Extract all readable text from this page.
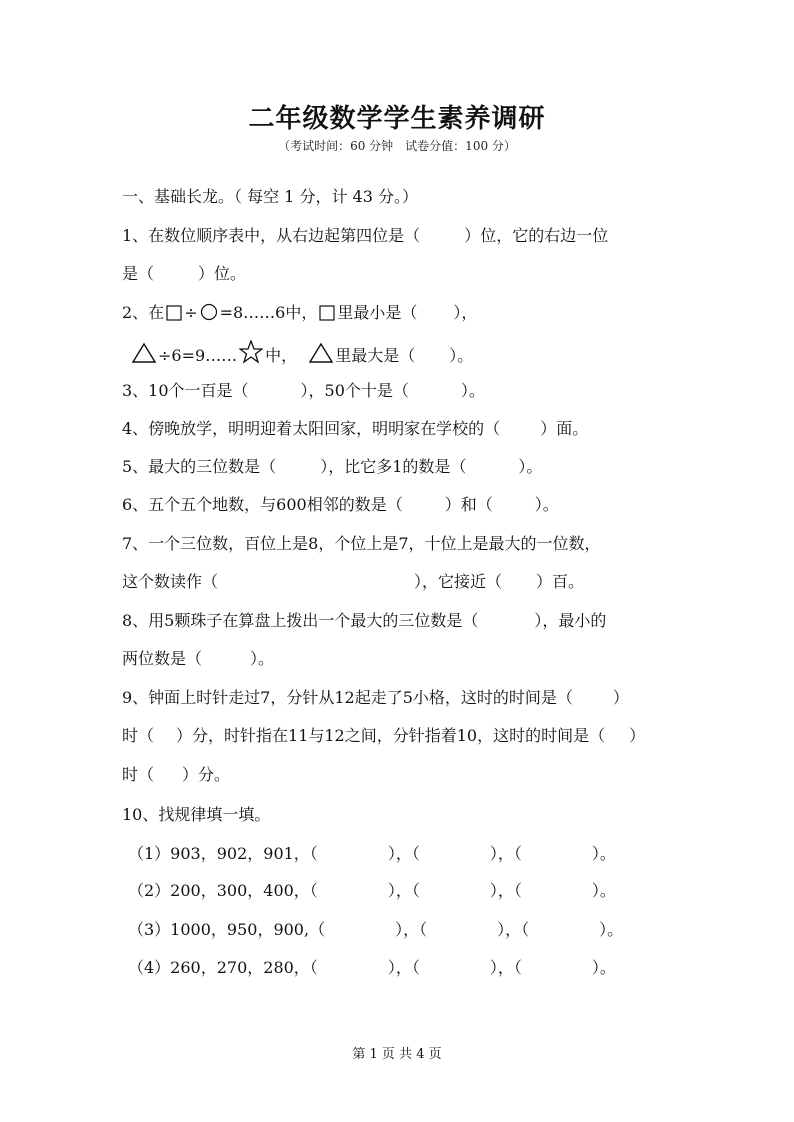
二年级数学学生素养调研
（考试时间：60 分钟　试卷分值：100 分）
一、基础长龙。（ 每空 1 分，计 43 分。）
1、在数位顺序表中，从右边起第四位是（	）位，它的右边一位
是（	）位。
2、在 ÷ =8……6中， 里最小是（ ），
÷6=9…… 中， 里最大是（ ）。
3、10个一百是（	），50个十是（	）。
4、傍晚放学，明明迎着太阳回家，明明家在学校的（	）面。
5、最大的三位数是（	），比它多1的数是（	）。
6、五个五个地数，与600相邻的数是（	）和（	）。
7、一个三位数，百位上是8，个位上是7，十位上是最大的一位数，
这个数读作（	），它接近（ ）百。
8、用5颗珠子在算盘上拨出一个最大的三位数是（	），最小的
两位数是（	）。
9、钟面上时针走过7，分针从12起走了5小格，这时的时间是（	）
时（ ）分，时针指在11与12之间，分针指着10，这时的时间是（ ）
时（ ）分。
10、找规律填一填。
（1）903，902，901，（	），（	），（	）。
（2）200，300，400，（	），（	），（	）。
（3）1000，950，900,（	），（	），（	）。
（4）260，270，280，（	），（	），（	）。
第 1 页 共 4 页
